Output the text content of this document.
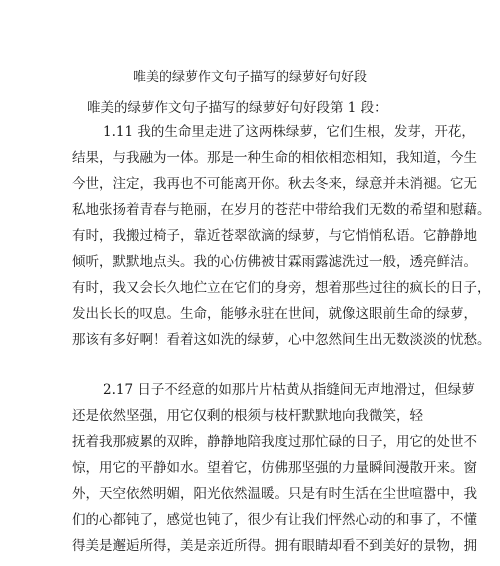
唯美的绿萝作文句子描写的绿萝好句好段
唯美的绿萝作文句子描写的绿萝好句好段第 1 段：
1.11 我的生命里走进了这两株绿萝，它们生根，发芽，开花，
结果，与我融为一体。那是一种生命的相依相恋相知，我知道，今生
今世，注定，我再也不可能离开你。秋去冬来，绿意并未消褪。它无
私地张扬着青春与艳丽，在岁月的苍茫中带给我们无数的希望和慰藉。
有时，我搬过椅子，靠近苍翠欲滴的绿萝，与它悄悄私语。它静静地
倾听，默默地点头。我的心仿佛被甘霖雨露滤洗过一般，透亮鲜洁。
有时，我又会长久地伫立在它们的身旁，想着那些过往的疯长的日子，
发出长长的叹息。生命，能够永驻在世间，就像这眼前生命的绿萝，
那该有多好啊！看着这如洗的绿萝，心中忽然间生出无数淡淡的忧愁。
2.17 日子不经意的如那片片枯黄从指缝间无声地滑过，但绿萝
还是依然坚强，用它仅剩的根须与枝杆默默地向我微笑，轻
抚着我那疲累的双眸，静静地陪我度过那忙碌的日子，用它的处世不
惊，用它的平静如水。望着它，仿佛那坚强的力量瞬间漫散开来。窗
外，天空依然明媚，阳光依然温暖。只是有时生活在尘世喧嚣中，我
们的心都钝了，感觉也钝了，很少有让我们怦然心动的和事了，不懂
得美是邂逅所得，美是亲近所得。拥有眼睛却看不到美好的景物，拥
